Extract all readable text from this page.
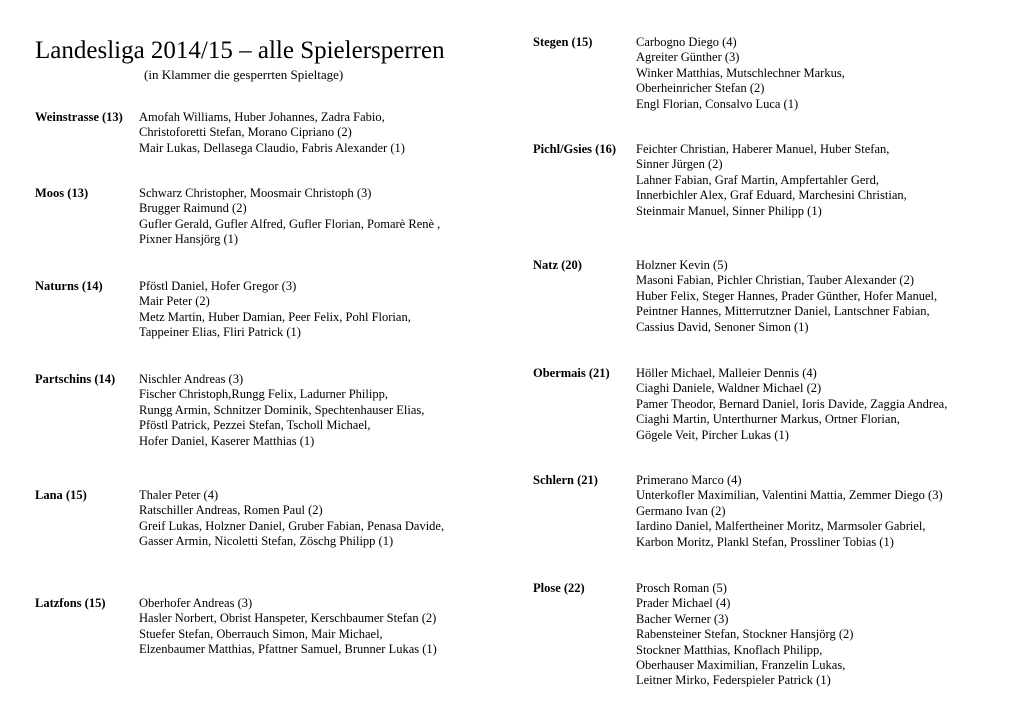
Landesliga 2014/15 – alle Spielersperren
(in Klammer die gesperrten Spieltage)
Weinstrasse (13) Amofah Williams, Huber Johannes, Zadra Fabio,
Christoforetti Stefan, Morano Cipriano (2)
Mair Lukas, Dellasega Claudio, Fabris Alexander (1)
Moos (13)	Schwarz Christopher, Moosmair Christoph (3)
Brugger Raimund (2)
Gufler Gerald, Gufler Alfred, Gufler Florian, Pomarè Renè ,
Pixner Hansjörg (1)
Naturns (14)	Pföstl Daniel, Hofer Gregor (3)
Mair Peter (2)
Metz Martin, Huber Damian, Peer Felix, Pohl Florian,
Tappeiner Elias, Fliri Patrick (1)
Partschins (14) Nischler Andreas (3)
Fischer Christoph,Rungg Felix, Ladurner Philipp,
Rungg Armin, Schnitzer Dominik, Spechtenhauser Elias,
Pföstl Patrick, Pezzei Stefan, Tscholl Michael,
Hofer Daniel, Kaserer Matthias (1)
Lana (15)	Thaler Peter (4)
Ratschiller Andreas, Romen Paul (2)
Greif Lukas, Holzner Daniel, Gruber Fabian, Penasa Davide,
Gasser Armin, Nicoletti Stefan, Zöschg Philipp (1)
Latzfons (15)	Oberhofer Andreas (3)
Hasler Norbert, Obrist Hanspeter, Kerschbaumer Stefan (2)
Stuefer Stefan, Oberrauch Simon, Mair Michael,
Elzenbaumer Matthias, Pfattner Samuel, Brunner Lukas (1)
Stegen (15)	Carbogno Diego (4)
Agreiter Günther (3)
Winker Matthias, Mutschlechner Markus,
Oberheinricher Stefan (2)
Engl Florian, Consalvo Luca (1)
Pichl/Gsies (16) Feichter Christian, Haberer Manuel, Huber Stefan,
Sinner Jürgen (2)
Lahner Fabian, Graf Martin, Ampfertahler Gerd,
Innerbichler Alex, Graf Eduard, Marchesini Christian,
Steinmair Manuel, Sinner Philipp (1)
Natz (20)	Holzner Kevin (5)
Masoni Fabian, Pichler Christian, Tauber Alexander (2)
Huber Felix, Steger Hannes, Prader Günther, Hofer Manuel,
Peintner Hannes, Mitterrutzner Daniel, Lantschner Fabian,
Cassius David, Senoner Simon (1)
Obermais (21) Höller Michael, Malleier Dennis (4)
Ciaghi Daniele, Waldner Michael (2)
Pamer Theodor, Bernard Daniel, Ioris Davide, Zaggia Andrea,
Ciaghi Martin, Unterthurner Markus, Ortner Florian,
Gögele Veit, Pircher Lukas (1)
Schlern (21)	Primerano Marco (4)
Unterkofler Maximilian, Valentini Mattia, Zemmer Diego (3)
Germano Ivan (2)
Iardino Daniel, Malfertheiner Moritz, Marmsoler Gabriel,
Karbon Moritz, Plankl Stefan, Prossliner Tobias (1)
Plose (22)	Prosch Roman (5)
Prader Michael (4)
Bacher Werner (3)
Rabensteiner Stefan, Stockner Hansjörg (2)
Stockner Matthias, Knoflach Philipp,
Oberhauser Maximilian, Franzelin Lukas,
Leitner Mirko, Federspieler Patrick (1)
